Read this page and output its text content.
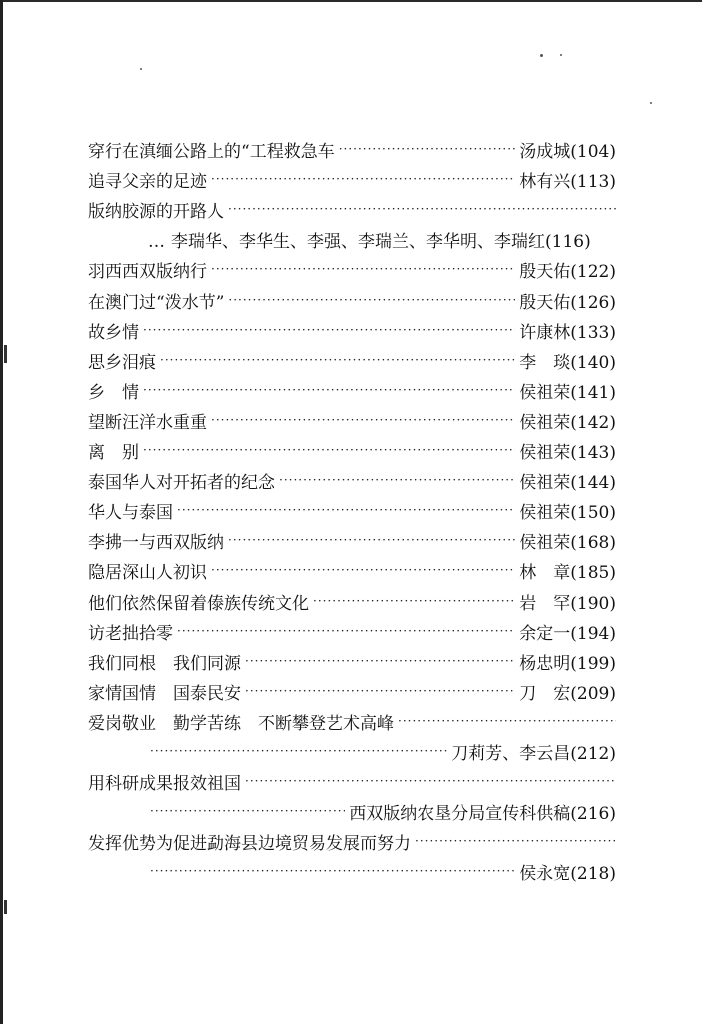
穿行在滇缅公路上的“工程救急车 ·····	汤成城(104)
追寻父亲的足迹 ·····	林有兴(113)
版纳胶源的开路人
·····
… 李瑞华、李华生、李强、李瑞兰、李华明、李瑞红(116)
羽西西双版纳行 ·····	殷天佑(122)
在澳门过“泼水节” ·····	殷天佑(126)
故乡情 ·····	许康林(133)
思乡泪痕 ·····	李　琰(140)
乡　情 ·····	侯祖荣(141)
望断汪洋水重重 ·····	侯祖荣(142)
离　别 ·····	侯祖荣(143)
泰国华人对开拓者的纪念 ·····	侯祖荣(144)
华人与泰国 ·····	侯祖荣(150)
李拂一与西双版纳 ·····	侯祖荣(168)
隐居深山人初识 ·····	林　章(185)
他们依然保留着傣族传统文化 ·····	岩　罕(190)
访老拙拾零 ·····	余定一(194)
我们同根　我们同源 ·····	杨忠明(199)
家情国情　国泰民安 ·····	刀　宏(209)
爱岗敬业　勤学苦练　不断攀登艺术高峰
·····
·····
刀莉芳、李云昌(212)
用科研成果报效祖国
·····
·····
西双版纳农垦分局宣传科供稿(216)
发挥优势为促进勐海县边境贸易发展而努力
·····
·····
侯永宽(218)
